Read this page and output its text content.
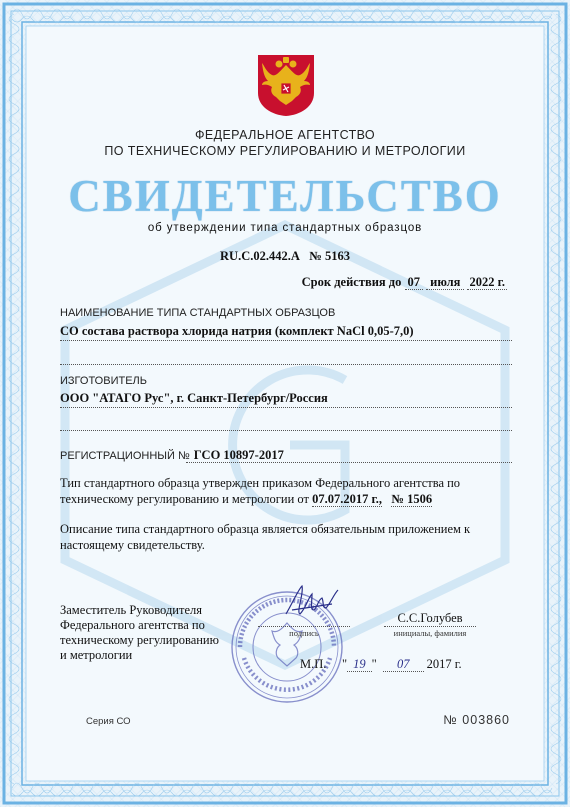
ФЕДЕРАЛЬНОЕ АГЕНТСТВО
ПО ТЕХНИЧЕСКОМУ РЕГУЛИРОВАНИЮ И МЕТРОЛОГИИ
СВИДЕТЕЛЬСТВО
об утверждении типа стандартных образцов
RU.C.02.442.A № 5163
Срок действия до 07 июля 2022 г.
НАИМЕНОВАНИЕ ТИПА СТАНДАРТНЫХ ОБРАЗЦОВ
СО состава раствора хлорида натрия (комплект NaCl 0,05-7,0)
ИЗГОТОВИТЕЛЬ
ООО "АТАГО Рус", г. Санкт-Петербург/Россия
РЕГИСТРАЦИОННЫЙ № ГСО 10897-2017
Тип стандартного образца утвержден приказом Федерального агентства по
техническому регулированию и метрологии от 07.07.2017 г., № 1506
Описание типа стандартного образца является обязательным приложением к
настоящему свидетельству.
Заместитель Руководителя
Федерального агентства по
техническому регулированию
и метрологии
подпись
С.С.Голубев
инициалы, фамилия
М.П.     " 19 "  07 2017 г.
Серия СО	№ 003860
